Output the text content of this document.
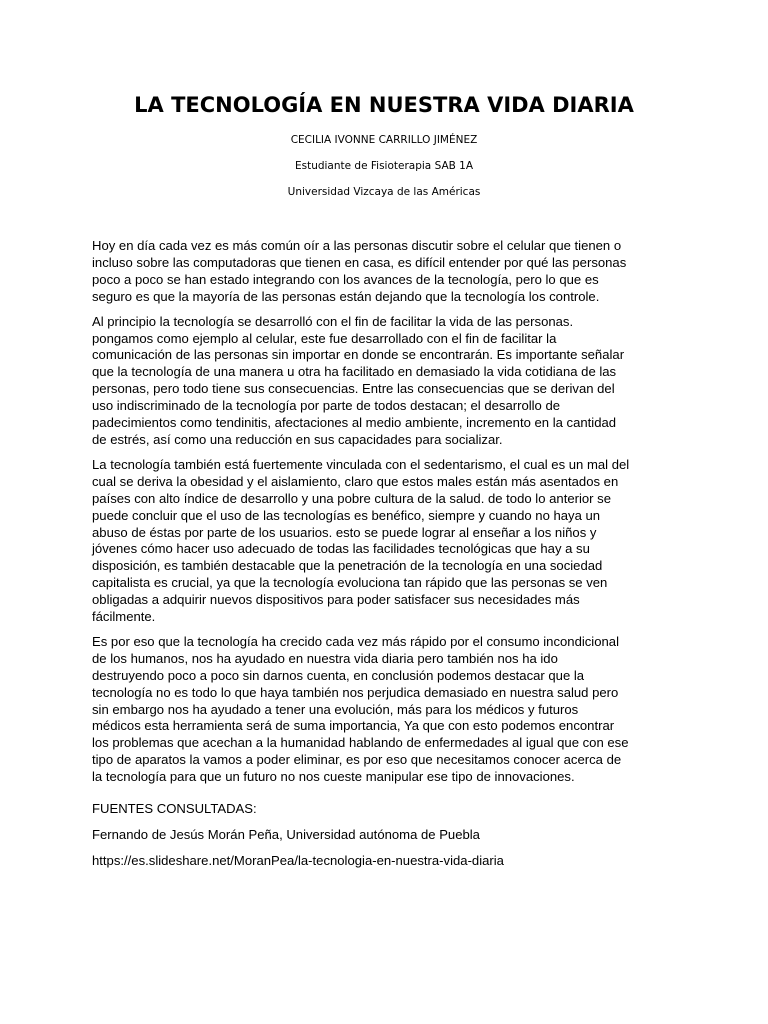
LA TECNOLOGÍA EN NUESTRA VIDA DIARIA

CECILIA IVONNE CARRILLO JIMÉNEZ

Estudiante de Fisioterapia SAB 1A

Universidad Vizcaya de las Américas

Hoy en día cada vez es más común oír a las personas discutir sobre el celular que tienen o
incluso sobre las computadoras que tienen en casa, es difícil entender por qué las personas
poco a poco se han estado integrando con los avances de la tecnología, pero lo que es
seguro es que la mayoría de las personas están dejando que la tecnología los controle.

Al principio la tecnología se desarrolló con el fin de facilitar la vida de las personas.
pongamos como ejemplo al celular, este fue desarrollado con el fin de facilitar la
comunicación de las personas sin importar en donde se encontrarán. Es importante señalar
que la tecnología de una manera u otra ha facilitado en demasiado la vida cotidiana de las
personas, pero todo tiene sus consecuencias. Entre las consecuencias que se derivan del
uso indiscriminado de la tecnología por parte de todos destacan; el desarrollo de
padecimientos como tendinitis, afectaciones al medio ambiente, incremento en la cantidad
de estrés, así como una reducción en sus capacidades para socializar.

La tecnología también está fuertemente vinculada con el sedentarismo, el cual es un mal del
cual se deriva la obesidad y el aislamiento, claro que estos males están más asentados en
países con alto índice de desarrollo y una pobre cultura de la salud. de todo lo anterior se
puede concluir que el uso de las tecnologías es benéfico, siempre y cuando no haya un
abuso de éstas por parte de los usuarios. esto se puede lograr al enseñar a los niños y
jóvenes cómo hacer uso adecuado de todas las facilidades tecnológicas que hay a su
disposición, es también destacable que la penetración de la tecnología en una sociedad
capitalista es crucial, ya que la tecnología evoluciona tan rápido que las personas se ven
obligadas a adquirir nuevos dispositivos para poder satisfacer sus necesidades más
fácilmente.

Es por eso que la tecnología ha crecido cada vez más rápido por el consumo incondicional
de los humanos, nos ha ayudado en nuestra vida diaria pero también nos ha ido
destruyendo poco a poco sin darnos cuenta, en conclusión podemos destacar que la
tecnología no es todo lo que haya también nos perjudica demasiado en nuestra salud pero
sin embargo nos ha ayudado a tener una evolución, más para los médicos y futuros
médicos esta herramienta será de suma importancia, Ya que con esto podemos encontrar
los problemas que acechan a la humanidad hablando de enfermedades al igual que con ese
tipo de aparatos la vamos a poder eliminar, es por eso que necesitamos conocer acerca de
la tecnología para que un futuro no nos cueste manipular ese tipo de innovaciones.

FUENTES CONSULTADAS:

Fernando de Jesús Morán Peña, Universidad autónoma de Puebla

https://es.slideshare.net/MoranPea/la-tecnologia-en-nuestra-vida-diaria
